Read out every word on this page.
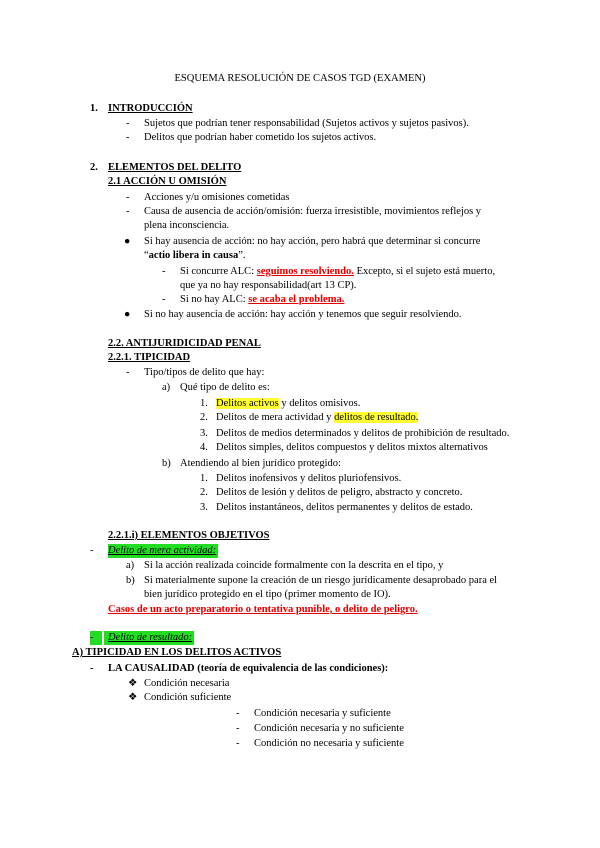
ESQUEMA RESOLUCIÓN DE CASOS TGD (EXAMEN)
1. INTRODUCCIÓN
- Sujetos que podrían tener responsabilidad (Sujetos activos y sujetos pasivos).
- Delitos que podrían haber cometido los sujetos activos.
2. ELEMENTOS DEL DELITO
2.1 ACCIÓN U OMISIÓN
- Acciones y/u omisiones cometidas
- Causa de ausencia de acción/omisión: fuerza irresistible, movimientos reflejos y
plena inconsciencia.
● Si hay ausencia de acción: no hay acción, pero habrá que determinar si concurre
“actio libera in causa”.
- Si concurre ALC: seguimos resolviendo. Excepto, si el sujeto está muerto,
que ya no hay responsabilidad(art 13 CP).
- Si no hay ALC: se acaba el problema.
● Si no hay ausencia de acción: hay acción y tenemos que seguir resolviendo.
2.2. ANTIJURIDICIDAD PENAL
2.2.1. TIPICIDAD
- Tipo/tipos de delito que hay:
a) Qué tipo de delito es:
1. Delitos activos y delitos omisivos.
2. Delitos de mera actividad y delitos de resultado.
3. Delitos de medios determinados y delitos de prohibición de resultado.
4. Delitos simples, delitos compuestos y delitos mixtos alternativos
b) Atendiendo al bien jurídico protegido:
1. Delitos inofensivos y delitos pluriofensivos.
2. Delitos de lesión y delitos de peligro, abstracto y concreto.
3. Delitos instantáneos, delitos permanentes y delitos de estado.
2.2.1.i) ELEMENTOS OBJETIVOS
- Delito de mera actividad:
a) Si la acción realizada coincide formalmente con la descrita en el tipo, y
b) Si materialmente supone la creación de un riesgo jurídicamente desaprobado para el
bien jurídico protegido en el tipo (primer momento de IO).
Casos de un acto preparatorio o tentativa punible, o delito de peligro.
-	Delito de resultado:
A) TIPICIDAD EN LOS DELITOS ACTIVOS
- LA CAUSALIDAD (teoría de equivalencia de las condiciones):
❖ Condición necesaria
❖ Condición suficiente
- Condición necesaria y suficiente
- Condición necesaria y no suficiente
- Condición no necesaria y suficiente
